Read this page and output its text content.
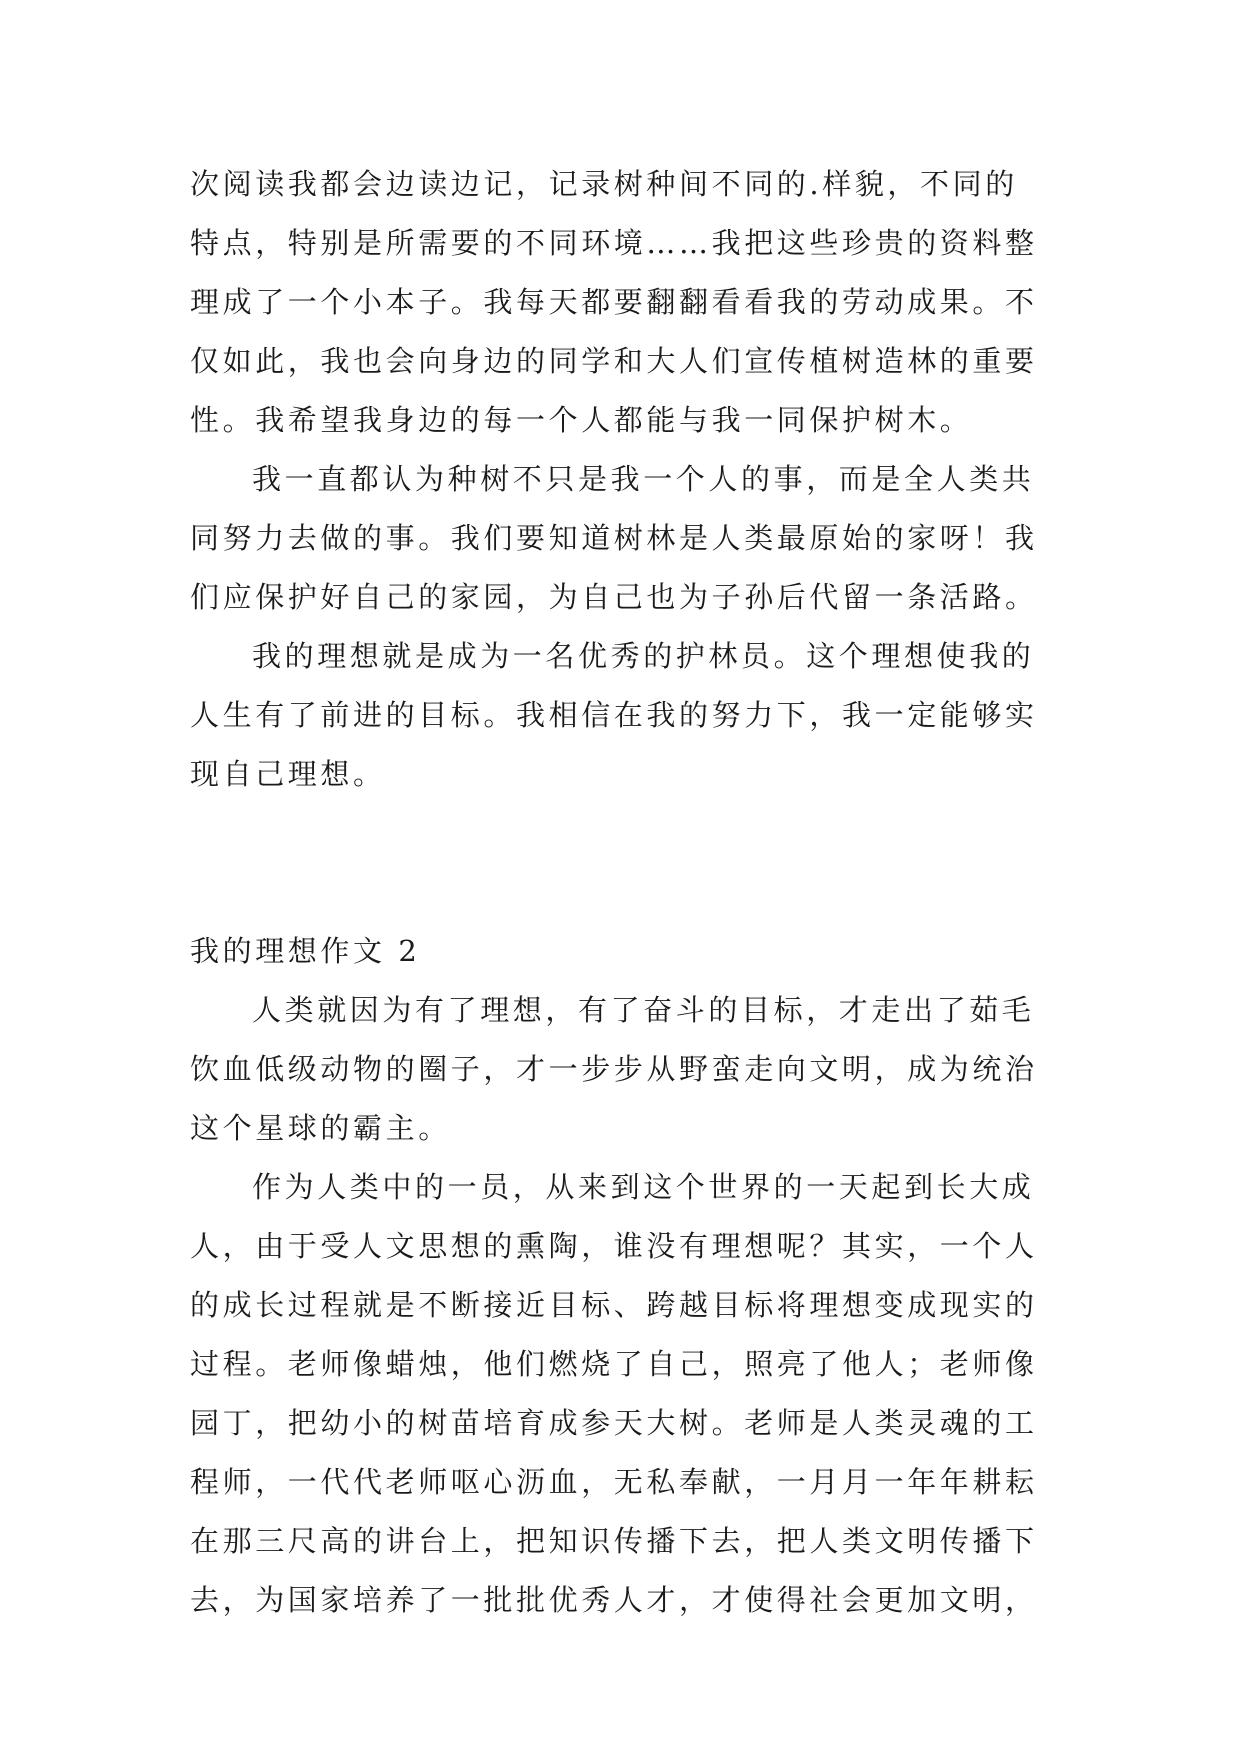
次阅读我都会边读边记，记录树种间不同的.样貌，不同的
特点，特别是所需要的不同环境……我把这些珍贵的资料整
理成了一个小本子。我每天都要翻翻看看我的劳动成果。不
仅如此，我也会向身边的同学和大人们宣传植树造林的重要
性。我希望我身边的每一个人都能与我一同保护树木。
我一直都认为种树不只是我一个人的事，而是全人类共
同努力去做的事。我们要知道树林是人类最原始的家呀！我
们应保护好自己的家园，为自己也为子孙后代留一条活路。
我的理想就是成为一名优秀的护林员。这个理想使我的
人生有了前进的目标。我相信在我的努力下，我一定能够实
现自己理想。
我的理想作文 2
人类就因为有了理想，有了奋斗的目标，才走出了茹毛
饮血低级动物的圈子，才一步步从野蛮走向文明，成为统治
这个星球的霸主。
作为人类中的一员，从来到这个世界的一天起到长大成
人，由于受人文思想的熏陶，谁没有理想呢？其实，一个人
的成长过程就是不断接近目标、跨越目标将理想变成现实的
过程。老师像蜡烛，他们燃烧了自己，照亮了他人；老师像
园丁，把幼小的树苗培育成参天大树。老师是人类灵魂的工
程师，一代代老师呕心沥血，无私奉献，一月月一年年耕耘
在那三尺高的讲台上，把知识传播下去，把人类文明传播下
去，为国家培养了一批批优秀人才，才使得社会更加文明，
